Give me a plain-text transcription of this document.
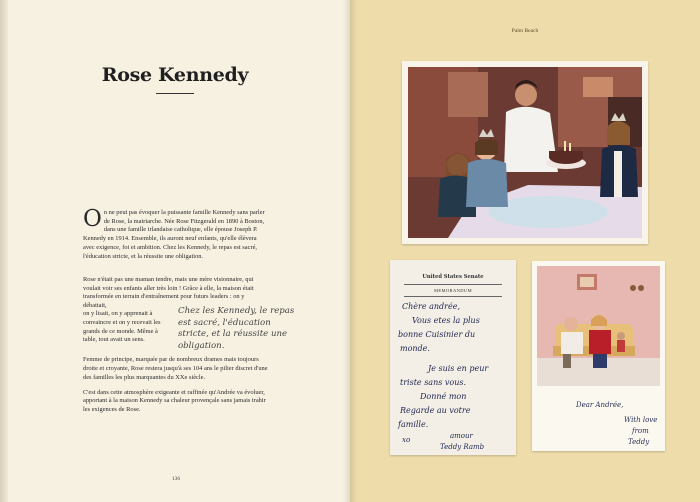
Rose Kennedy
On ne peut pas évoquer la puissante famille Kennedy sans parler de Rose, la matriarche. Née Rose Fitzgerald en 1890 à Boston, dans une famille irlandaise catholique, elle épouse Joseph P. Kennedy en 1914. Ensemble, ils auront neuf enfants, qu'elle élèvera avec exigence, foi et ambition. Chez les Kennedy, le repas est sacré, l'éducation stricte, et la réussite une obligation.
Rose n'était pas une maman tendre, mais une mère visionnaire, qui voulait voir ses enfants aller très loin ! Grâce à elle, la maison était transformée en terrain d'entraînement pour futurs leaders : on y débattait,
on y lisait, on y apprenait à convaincre et on y recevait les grands de ce monde. Même à table, tout avait un sens.
Chez les Kennedy, le repas est sacré, l'éducation stricte, et la réussite une obligation.

Femme de principe, marquée par de nombreux drames mais toujours droite et croyante, Rose restera jusqu'à ses 104 ans le pilier discret d'une des familles les plus marquantes du XXe siècle.

C'est dans cette atmosphère exigeante et raffinée qu'Andrée va évoluer, apportant à la maison Kennedy sa chaleur provençale sans jamais trahir les exigences de Rose.

136
Palm Beach
United States Senate
MEMORANDUM
Chère andrée,
Vous etes la plus
bonne Cuisinier du
monde.
Je suis en peur
triste sans vous.
Donné mon
Regarde au votre
famille.
xo	amour
Teddy Ramb
Dear Andrée,
With love
from
Teddy
